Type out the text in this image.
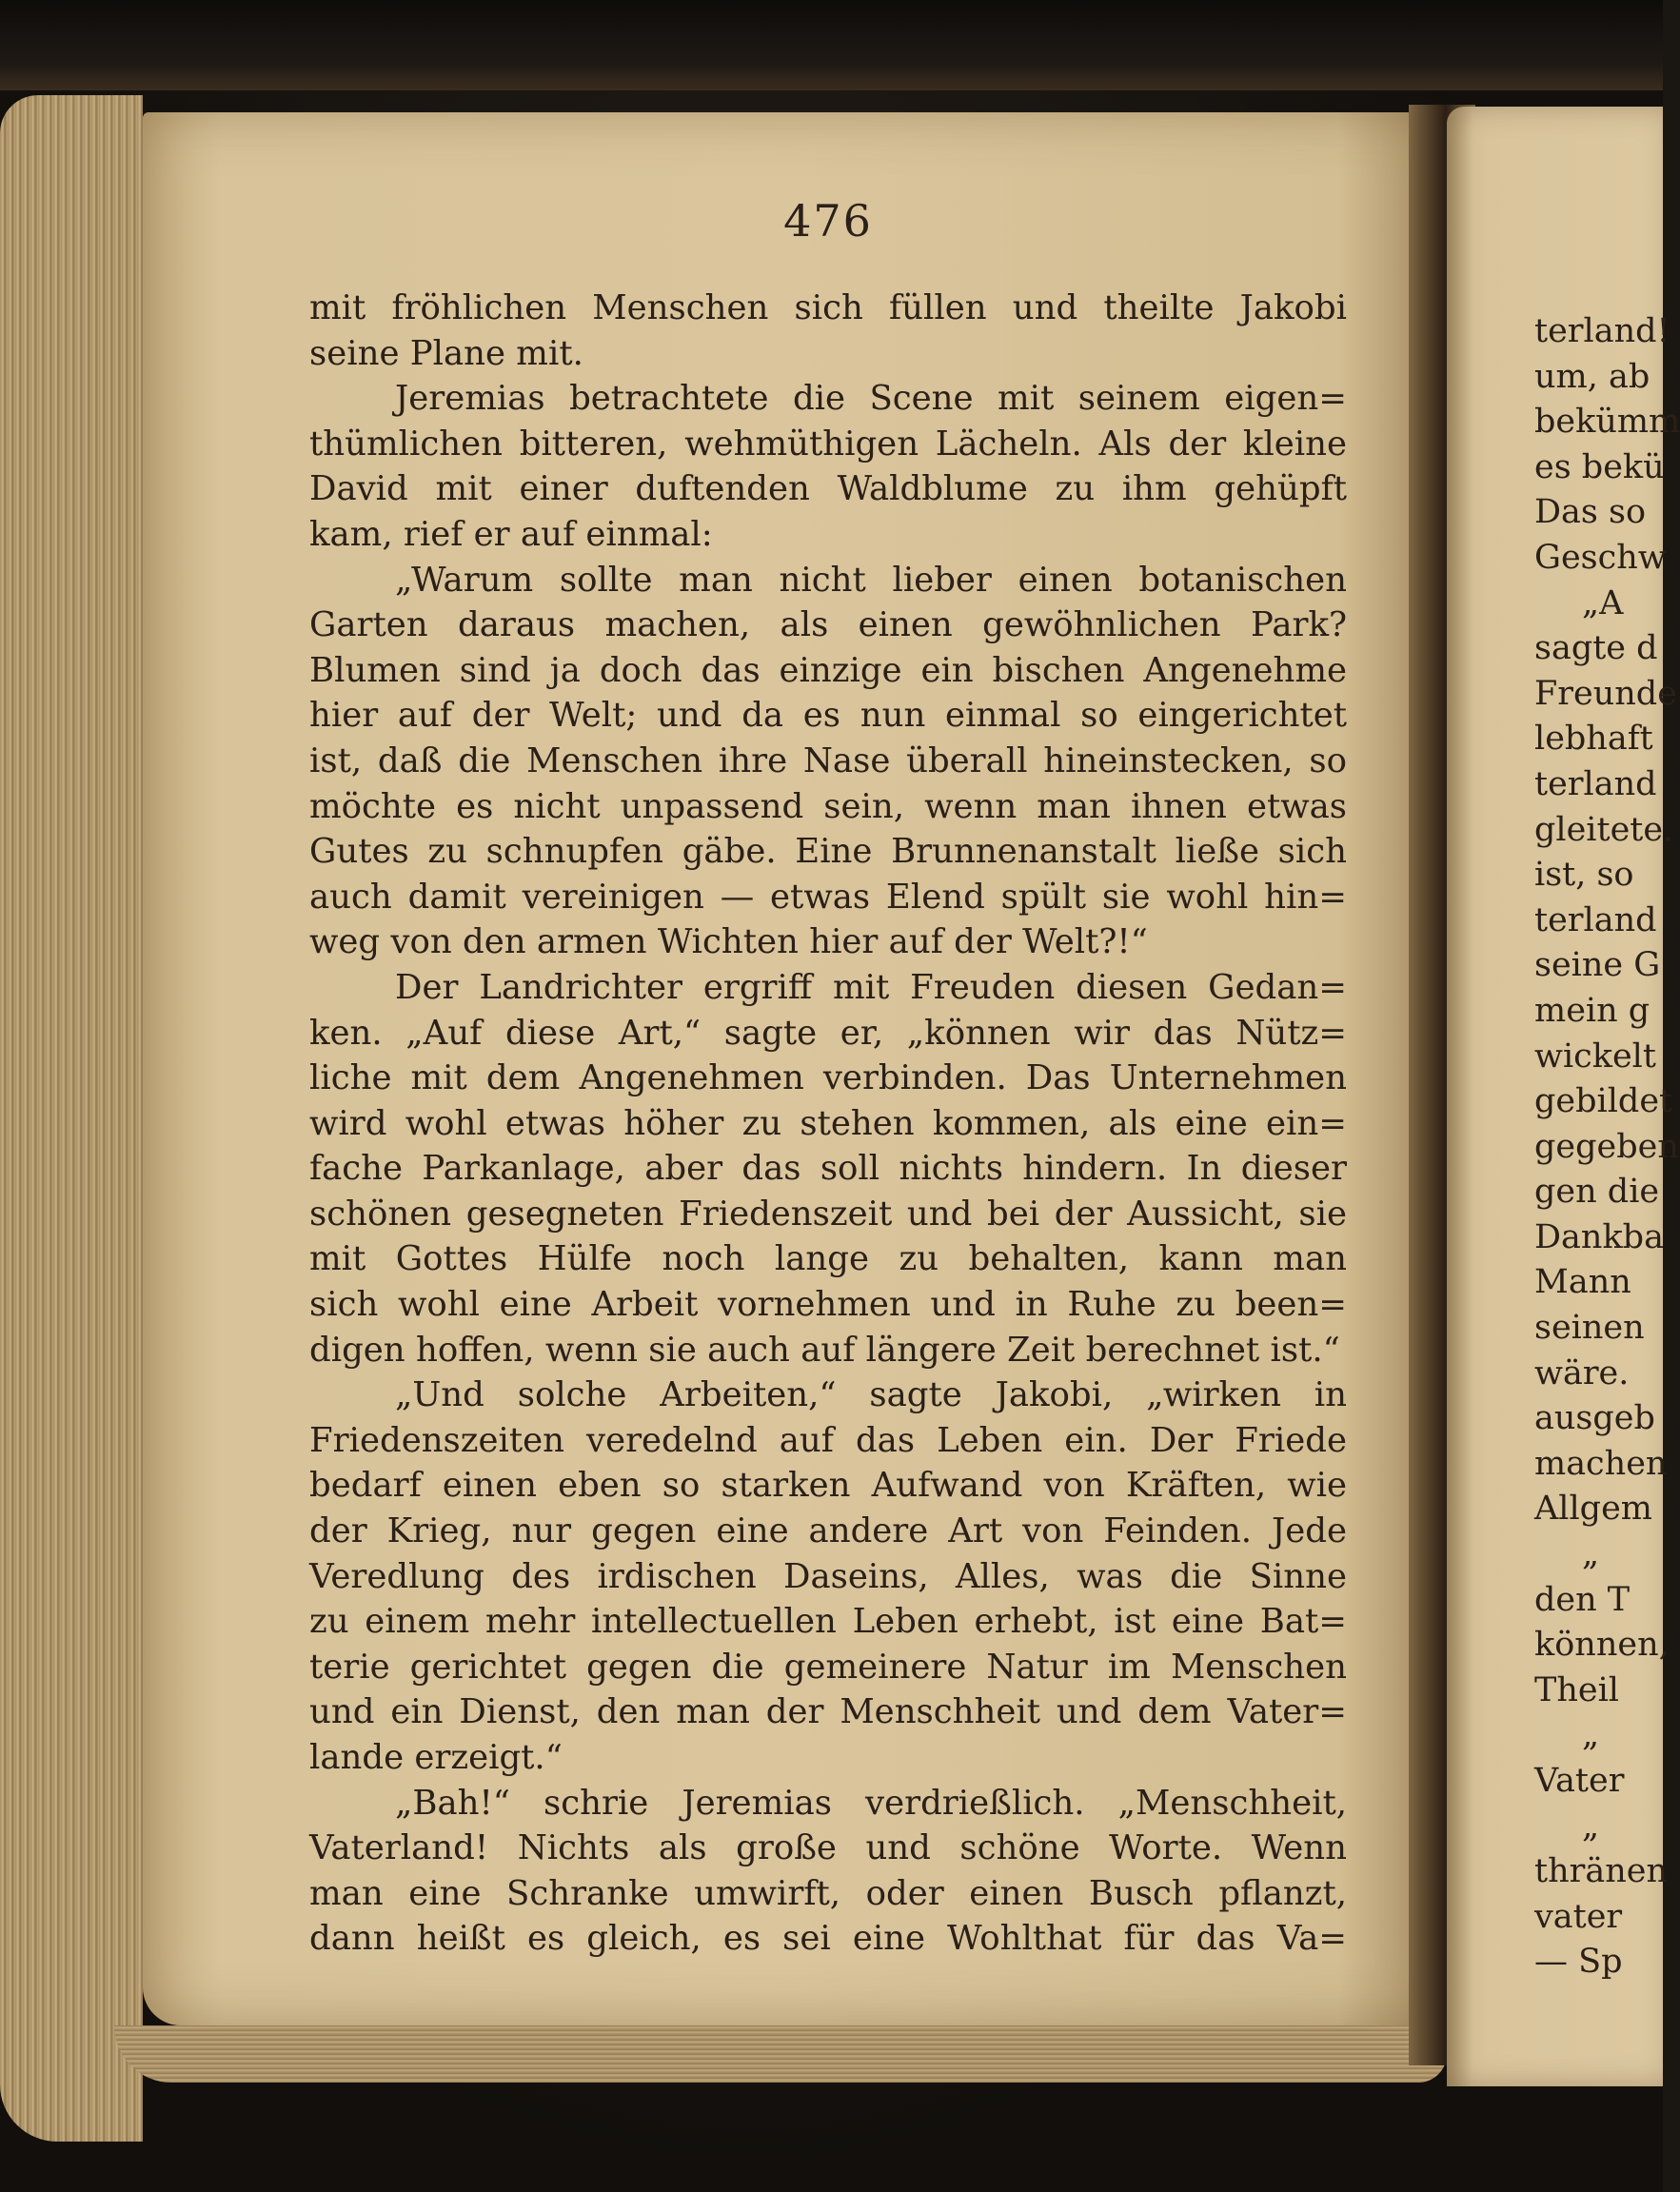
476
mit fröhlichen Menschen sich füllen und theilte Jakobi
seine Plane mit.
Jeremias betrachtete die Scene mit seinem eigen=
thümlichen bitteren, wehmüthigen Lächeln. Als der kleine
David mit einer duftenden Waldblume zu ihm gehüpft
kam, rief er auf einmal:
„Warum sollte man nicht lieber einen botanischen
Garten daraus machen, als einen gewöhnlichen Park?
Blumen sind ja doch das einzige ein bischen Angenehme
hier auf der Welt; und da es nun einmal so eingerichtet
ist, daß die Menschen ihre Nase überall hineinstecken, so
möchte es nicht unpassend sein, wenn man ihnen etwas
Gutes zu schnupfen gäbe. Eine Brunnenanstalt ließe sich
auch damit vereinigen — etwas Elend spült sie wohl hin=
weg von den armen Wichten hier auf der Welt?!“
Der Landrichter ergriff mit Freuden diesen Gedan=
ken. „Auf diese Art,“ sagte er, „können wir das Nütz=
liche mit dem Angenehmen verbinden. Das Unternehmen
wird wohl etwas höher zu stehen kommen, als eine ein=
fache Parkanlage, aber das soll nichts hindern. In dieser
schönen gesegneten Friedenszeit und bei der Aussicht, sie
mit Gottes Hülfe noch lange zu behalten, kann man
sich wohl eine Arbeit vornehmen und in Ruhe zu been=
digen hoffen, wenn sie auch auf längere Zeit berechnet ist.“
„Und solche Arbeiten,“ sagte Jakobi, „wirken in
Friedenszeiten veredelnd auf das Leben ein. Der Friede
bedarf einen eben so starken Aufwand von Kräften, wie
der Krieg, nur gegen eine andere Art von Feinden. Jede
Veredlung des irdischen Daseins, Alles, was die Sinne
zu einem mehr intellectuellen Leben erhebt, ist eine Bat=
terie gerichtet gegen die gemeinere Natur im Menschen
und ein Dienst, den man der Menschheit und dem Vater=
lande erzeigt.“
„Bah!“ schrie Jeremias verdrießlich. „Menschheit,
Vaterland! Nichts als große und schöne Worte. Wenn
man eine Schranke umwirft, oder einen Busch pflanzt,
dann heißt es gleich, es sei eine Wohlthat für das Va=
terland!
um, ab
bekümm
es bekü
Das so
Geschw
„A
sagte d
Freunde
lebhaft
terland
gleitete.
ist, so
terland
seine G
mein g
wickelt
gebildet
gegeben
gen die
Dankba
Mann
seinen
wäre.
ausgeb
machen
Allgem
„
den T
können,
Theil
„
Vater
„
thränen
vater
— Sp
